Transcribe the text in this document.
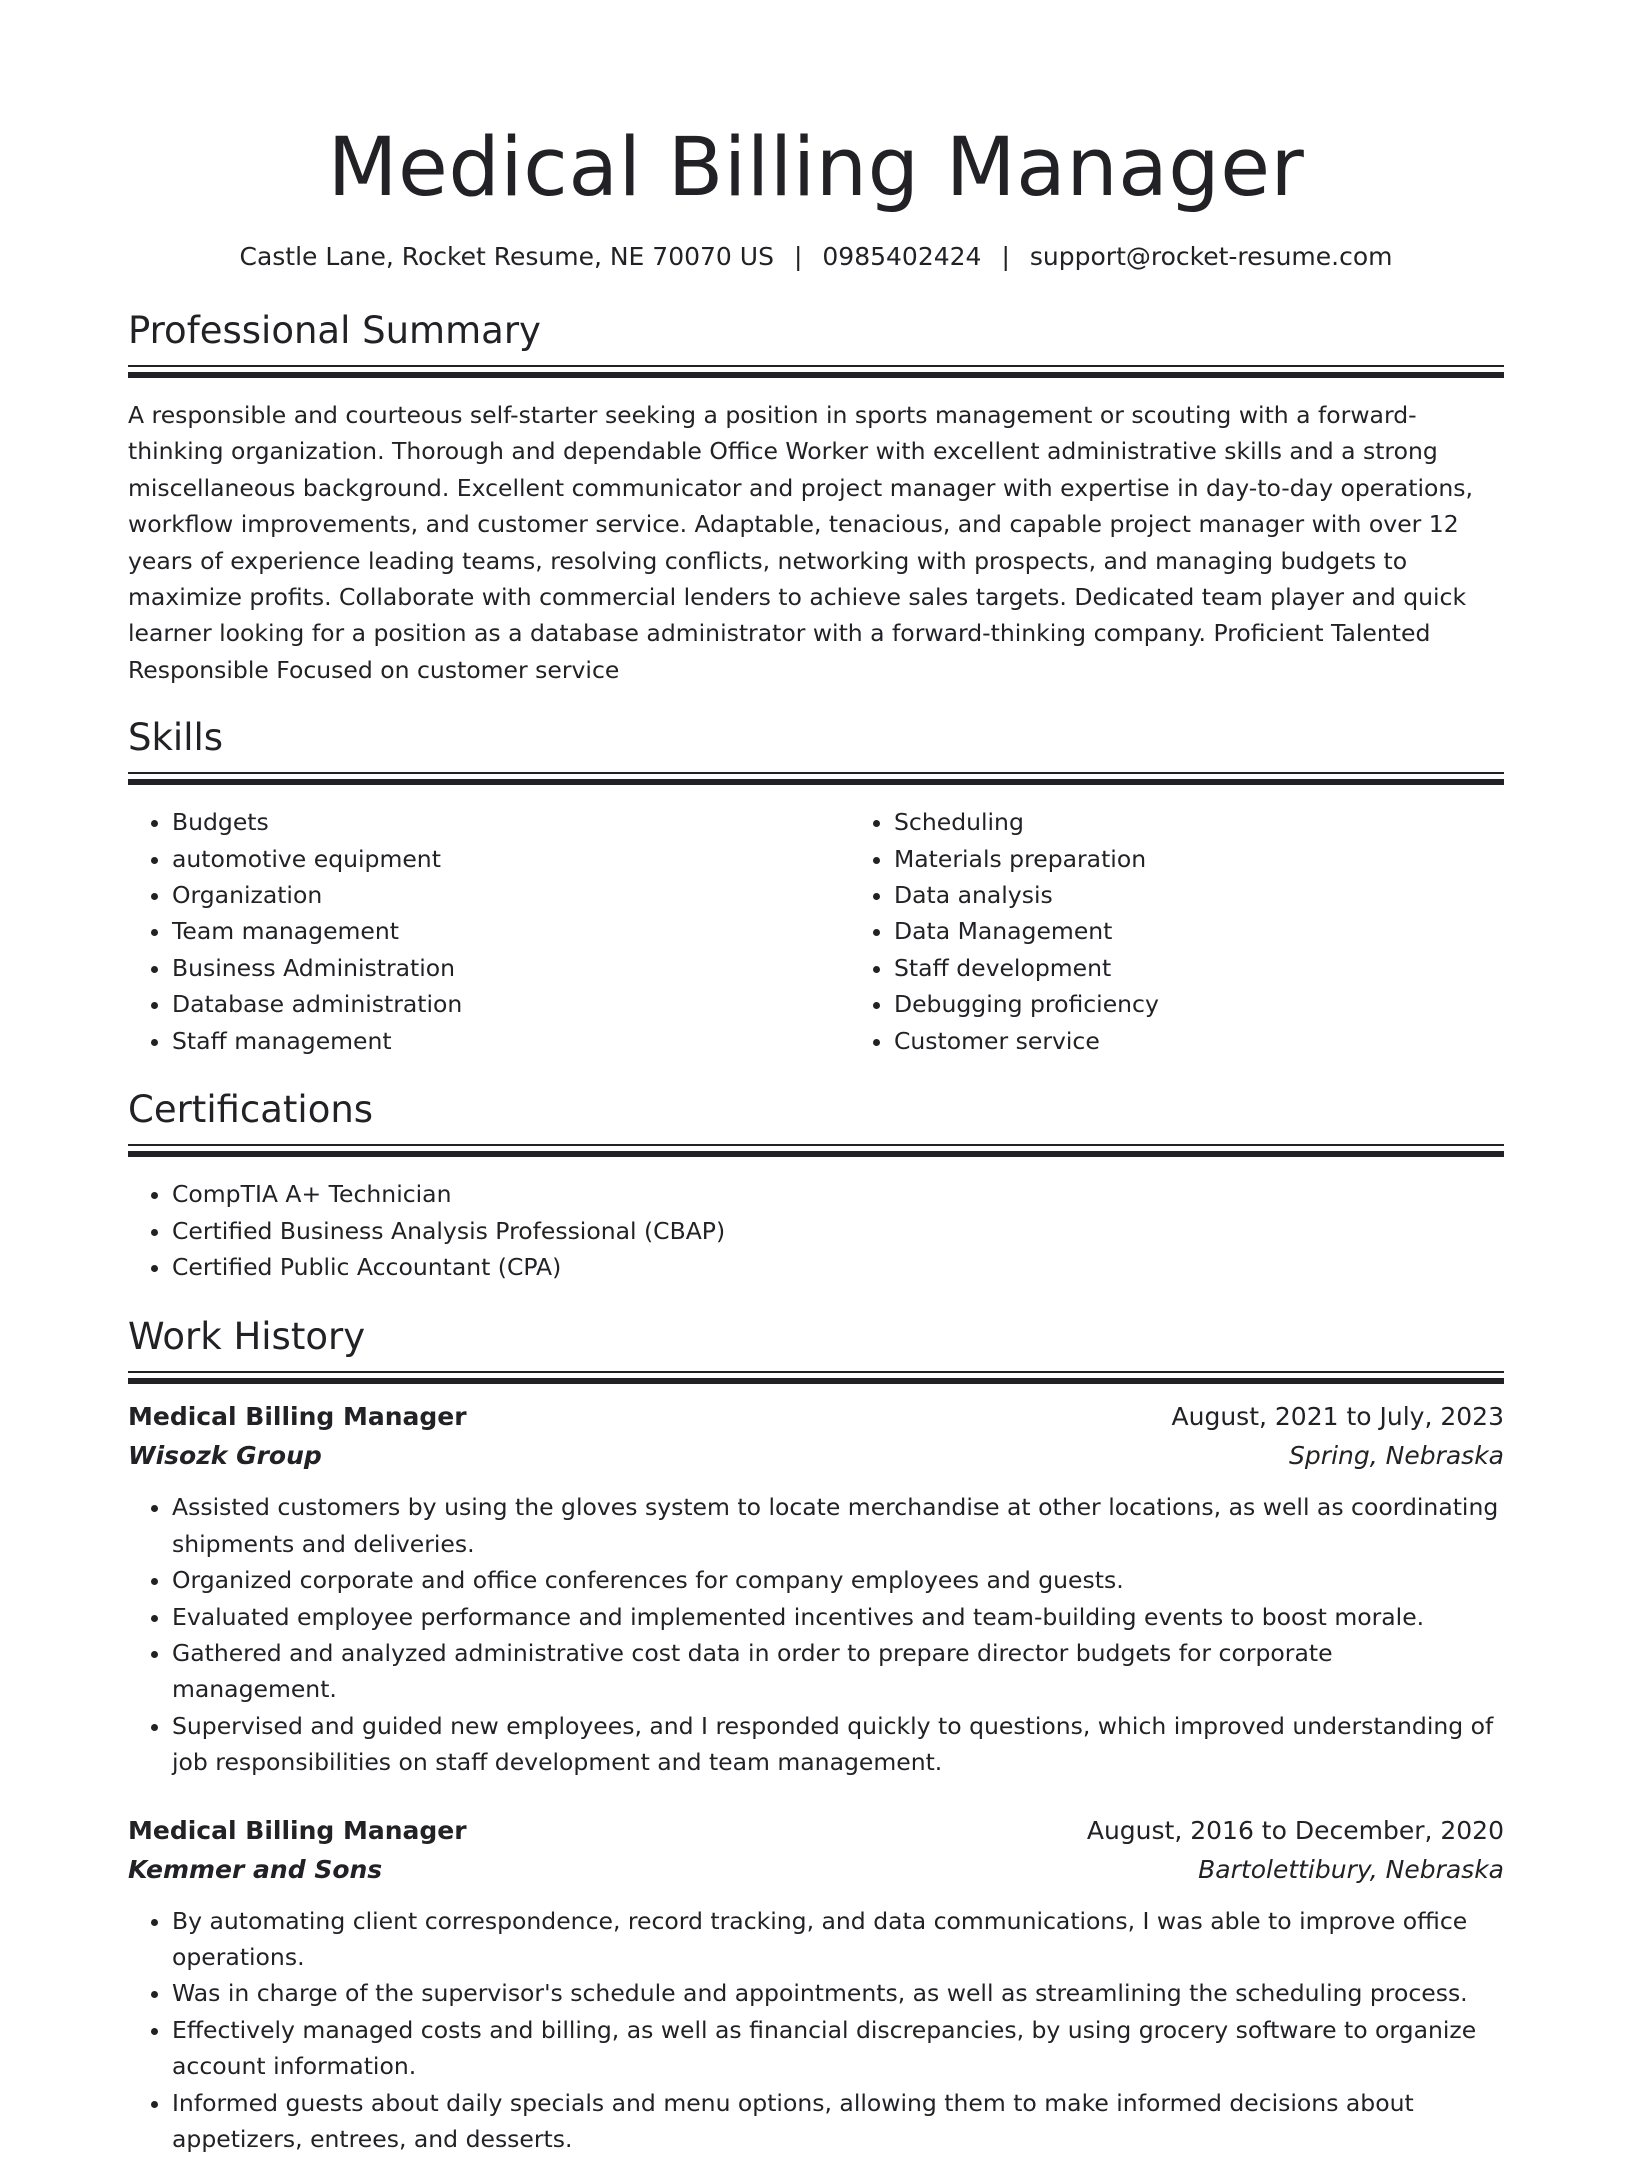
Medical Billing Manager
Castle Lane, Rocket Resume, NE 70070 US | 0985402424 | support@rocket-resume.com
Professional Summary

A responsible and courteous self-starter seeking a position in sports management or scouting with a forward-thinking organization. Thorough and dependable Office Worker with excellent administrative skills and a strong miscellaneous background. Excellent communicator and project manager with expertise in day-to-day operations, workflow improvements, and customer service. Adaptable, tenacious, and capable project manager with over 12 years of experience leading teams, resolving conflicts, networking with prospects, and managing budgets to maximize profits. Collaborate with commercial lenders to achieve sales targets. Dedicated team player and quick learner looking for a position as a database administrator with a forward-thinking company. Proficient Talented Responsible Focused on customer service

Skills
• Budgets
• automotive equipment
• Organization
• Team management
• Business Administration
• Database administration
• Staff management
• Scheduling
• Materials preparation
• Data analysis
• Data Management
• Staff development
• Debugging proficiency
• Customer service
Certifications
• CompTIA A+ Technician
• Certified Business Analysis Professional (CBAP)
• Certified Public Accountant (CPA)
Work History
Medical Billing Manager	August, 2021 to July, 2023
Wisozk Group	Spring, Nebraska
• Assisted customers by using the gloves system to locate merchandise at other locations, as well as coordinating shipments and deliveries.
• Organized corporate and office conferences for company employees and guests.
• Evaluated employee performance and implemented incentives and team-building events to boost morale.
• Gathered and analyzed administrative cost data in order to prepare director budgets for corporate management.
• Supervised and guided new employees, and I responded quickly to questions, which improved understanding of job responsibilities on staff development and team management.
Medical Billing Manager	August, 2016 to December, 2020
Kemmer and Sons	Bartolettibury, Nebraska
• By automating client correspondence, record tracking, and data communications, I was able to improve office operations.
• Was in charge of the supervisor's schedule and appointments, as well as streamlining the scheduling process.
• Effectively managed costs and billing, as well as financial discrepancies, by using grocery software to organize account information.
• Informed guests about daily specials and menu options, allowing them to make informed decisions about appetizers, entrees, and desserts.
